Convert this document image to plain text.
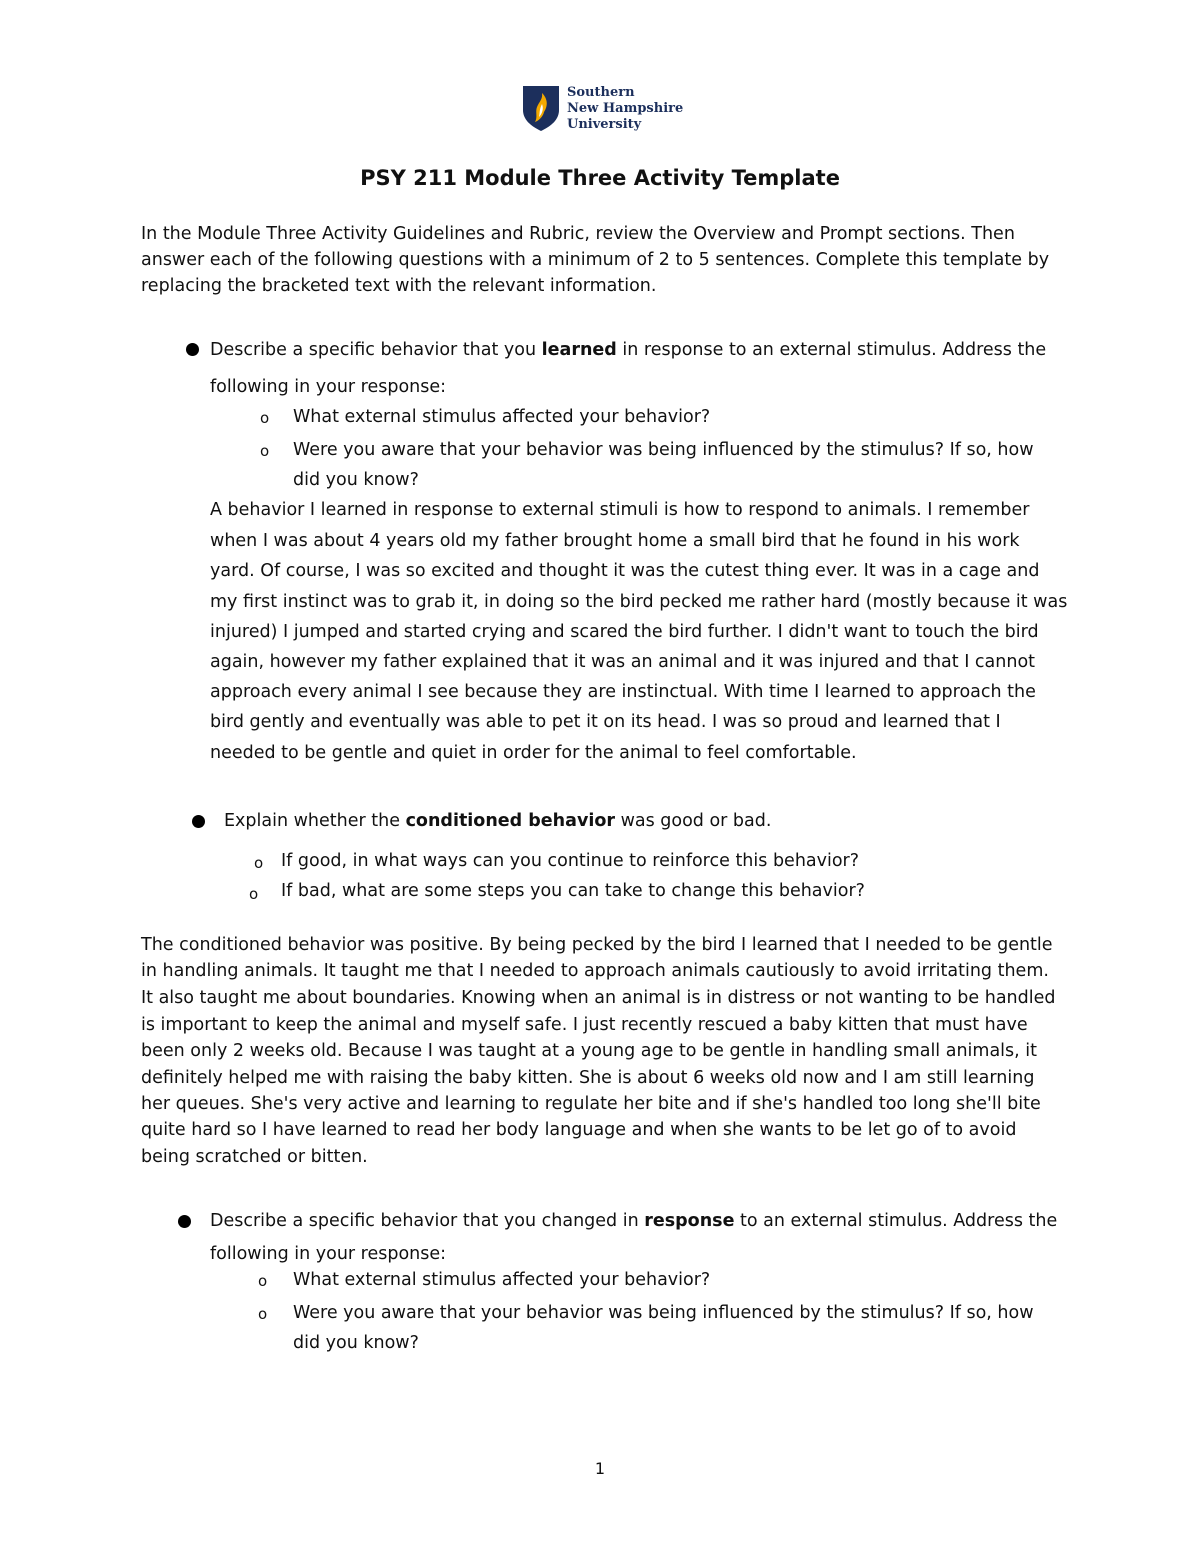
Southern
New Hampshire
University
PSY 211 Module Three Activity Template
In the Module Three Activity Guidelines and Rubric, review the Overview and Prompt sections. Then
answer each of the following questions with a minimum of 2 to 5 sentences. Complete this template by
replacing the bracketed text with the relevant information.
Describe a specific behavior that you learned in response to an external stimulus. Address the
following in your response:
o What external stimulus affected your behavior?
o Were you aware that your behavior was being influenced by the stimulus? If so, how
did you know?
A behavior I learned in response to external stimuli is how to respond to animals. I remember
when I was about 4 years old my father brought home a small bird that he found in his work
yard. Of course, I was so excited and thought it was the cutest thing ever. It was in a cage and
my first instinct was to grab it, in doing so the bird pecked me rather hard (mostly because it was
injured) I jumped and started crying and scared the bird further. I didn't want to touch the bird
again, however my father explained that it was an animal and it was injured and that I cannot
approach every animal I see because they are instinctual. With time I learned to approach the
bird gently and eventually was able to pet it on its head. I was so proud and learned that I
needed to be gentle and quiet in order for the animal to feel comfortable.
Explain whether the conditioned behavior was good or bad.
o If good, in what ways can you continue to reinforce this behavior?
o If bad, what are some steps you can take to change this behavior?
The conditioned behavior was positive. By being pecked by the bird I learned that I needed to be gentle
in handling animals. It taught me that I needed to approach animals cautiously to avoid irritating them.
It also taught me about boundaries. Knowing when an animal is in distress or not wanting to be handled
is important to keep the animal and myself safe. I just recently rescued a baby kitten that must have
been only 2 weeks old. Because I was taught at a young age to be gentle in handling small animals, it
definitely helped me with raising the baby kitten. She is about 6 weeks old now and I am still learning
her queues. She's very active and learning to regulate her bite and if she's handled too long she'll bite
quite hard so I have learned to read her body language and when she wants to be let go of to avoid
being scratched or bitten.
Describe a specific behavior that you changed in response to an external stimulus. Address the
following in your response:
o What external stimulus affected your behavior?
o Were you aware that your behavior was being influenced by the stimulus? If so, how
did you know?
1
